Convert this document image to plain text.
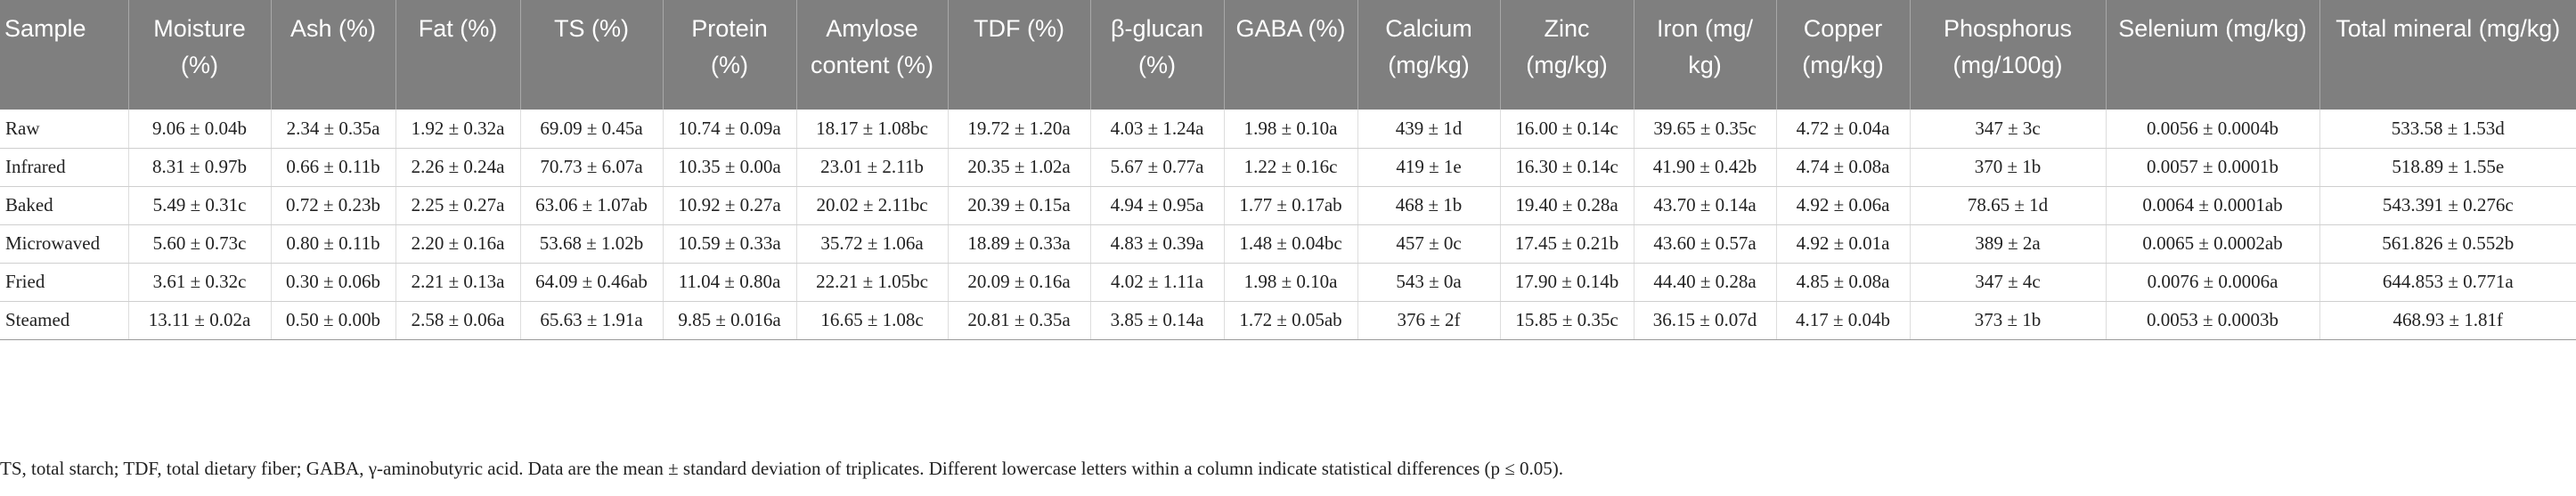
Sample	Moisture (%)	Ash (%)	Fat (%)	TS (%)	Protein (%)	Amylose content (%)	TDF (%)	β-glucan (%)	GABA (%)	Calcium (mg/kg)	Zinc (mg/kg)	Iron (mg/ kg)	Copper (mg/kg)	Phosphorus (mg/100g)	Selenium (mg/kg)	Total mineral (mg/kg)
Raw	9.06 ± 0.04b	2.34 ± 0.35a	1.92 ± 0.32a	69.09 ± 0.45a	10.74 ± 0.09a	18.17 ± 1.08bc	19.72 ± 1.20a	4.03 ± 1.24a	1.98 ± 0.10a	439 ± 1d	16.00 ± 0.14c	39.65 ± 0.35c	4.72 ± 0.04a	347 ± 3c	0.0056 ± 0.0004b	533.58 ± 1.53d
Infrared	8.31 ± 0.97b	0.66 ± 0.11b	2.26 ± 0.24a	70.73 ± 6.07a	10.35 ± 0.00a	23.01 ± 2.11b	20.35 ± 1.02a	5.67 ± 0.77a	1.22 ± 0.16c	419 ± 1e	16.30 ± 0.14c	41.90 ± 0.42b	4.74 ± 0.08a	370 ± 1b	0.0057 ± 0.0001b	518.89 ± 1.55e
Baked	5.49 ± 0.31c	0.72 ± 0.23b	2.25 ± 0.27a	63.06 ± 1.07ab	10.92 ± 0.27a	20.02 ± 2.11bc	20.39 ± 0.15a	4.94 ± 0.95a	1.77 ± 0.17ab	468 ± 1b	19.40 ± 0.28a	43.70 ± 0.14a	4.92 ± 0.06a	78.65 ± 1d	0.0064 ± 0.0001ab	543.391 ± 0.276c
Microwaved	5.60 ± 0.73c	0.80 ± 0.11b	2.20 ± 0.16a	53.68 ± 1.02b	10.59 ± 0.33a	35.72 ± 1.06a	18.89 ± 0.33a	4.83 ± 0.39a	1.48 ± 0.04bc	457 ± 0c	17.45 ± 0.21b	43.60 ± 0.57a	4.92 ± 0.01a	389 ± 2a	0.0065 ± 0.0002ab	561.826 ± 0.552b
Fried	3.61 ± 0.32c	0.30 ± 0.06b	2.21 ± 0.13a	64.09 ± 0.46ab	11.04 ± 0.80a	22.21 ± 1.05bc	20.09 ± 0.16a	4.02 ± 1.11a	1.98 ± 0.10a	543 ± 0a	17.90 ± 0.14b	44.40 ± 0.28a	4.85 ± 0.08a	347 ± 4c	0.0076 ± 0.0006a	644.853 ± 0.771a
Steamed	13.11 ± 0.02a	0.50 ± 0.00b	2.58 ± 0.06a	65.63 ± 1.91a	9.85 ± 0.016a	16.65 ± 1.08c	20.81 ± 0.35a	3.85 ± 0.14a	1.72 ± 0.05ab	376 ± 2f	15.85 ± 0.35c	36.15 ± 0.07d	4.17 ± 0.04b	373 ± 1b	0.0053 ± 0.0003b	468.93 ± 1.81f
TS, total starch; TDF, total dietary fiber; GABA, γ-aminobutyric acid. Data are the mean ± standard deviation of triplicates. Different lowercase letters within a column indicate statistical differences (p ≤ 0.05).
